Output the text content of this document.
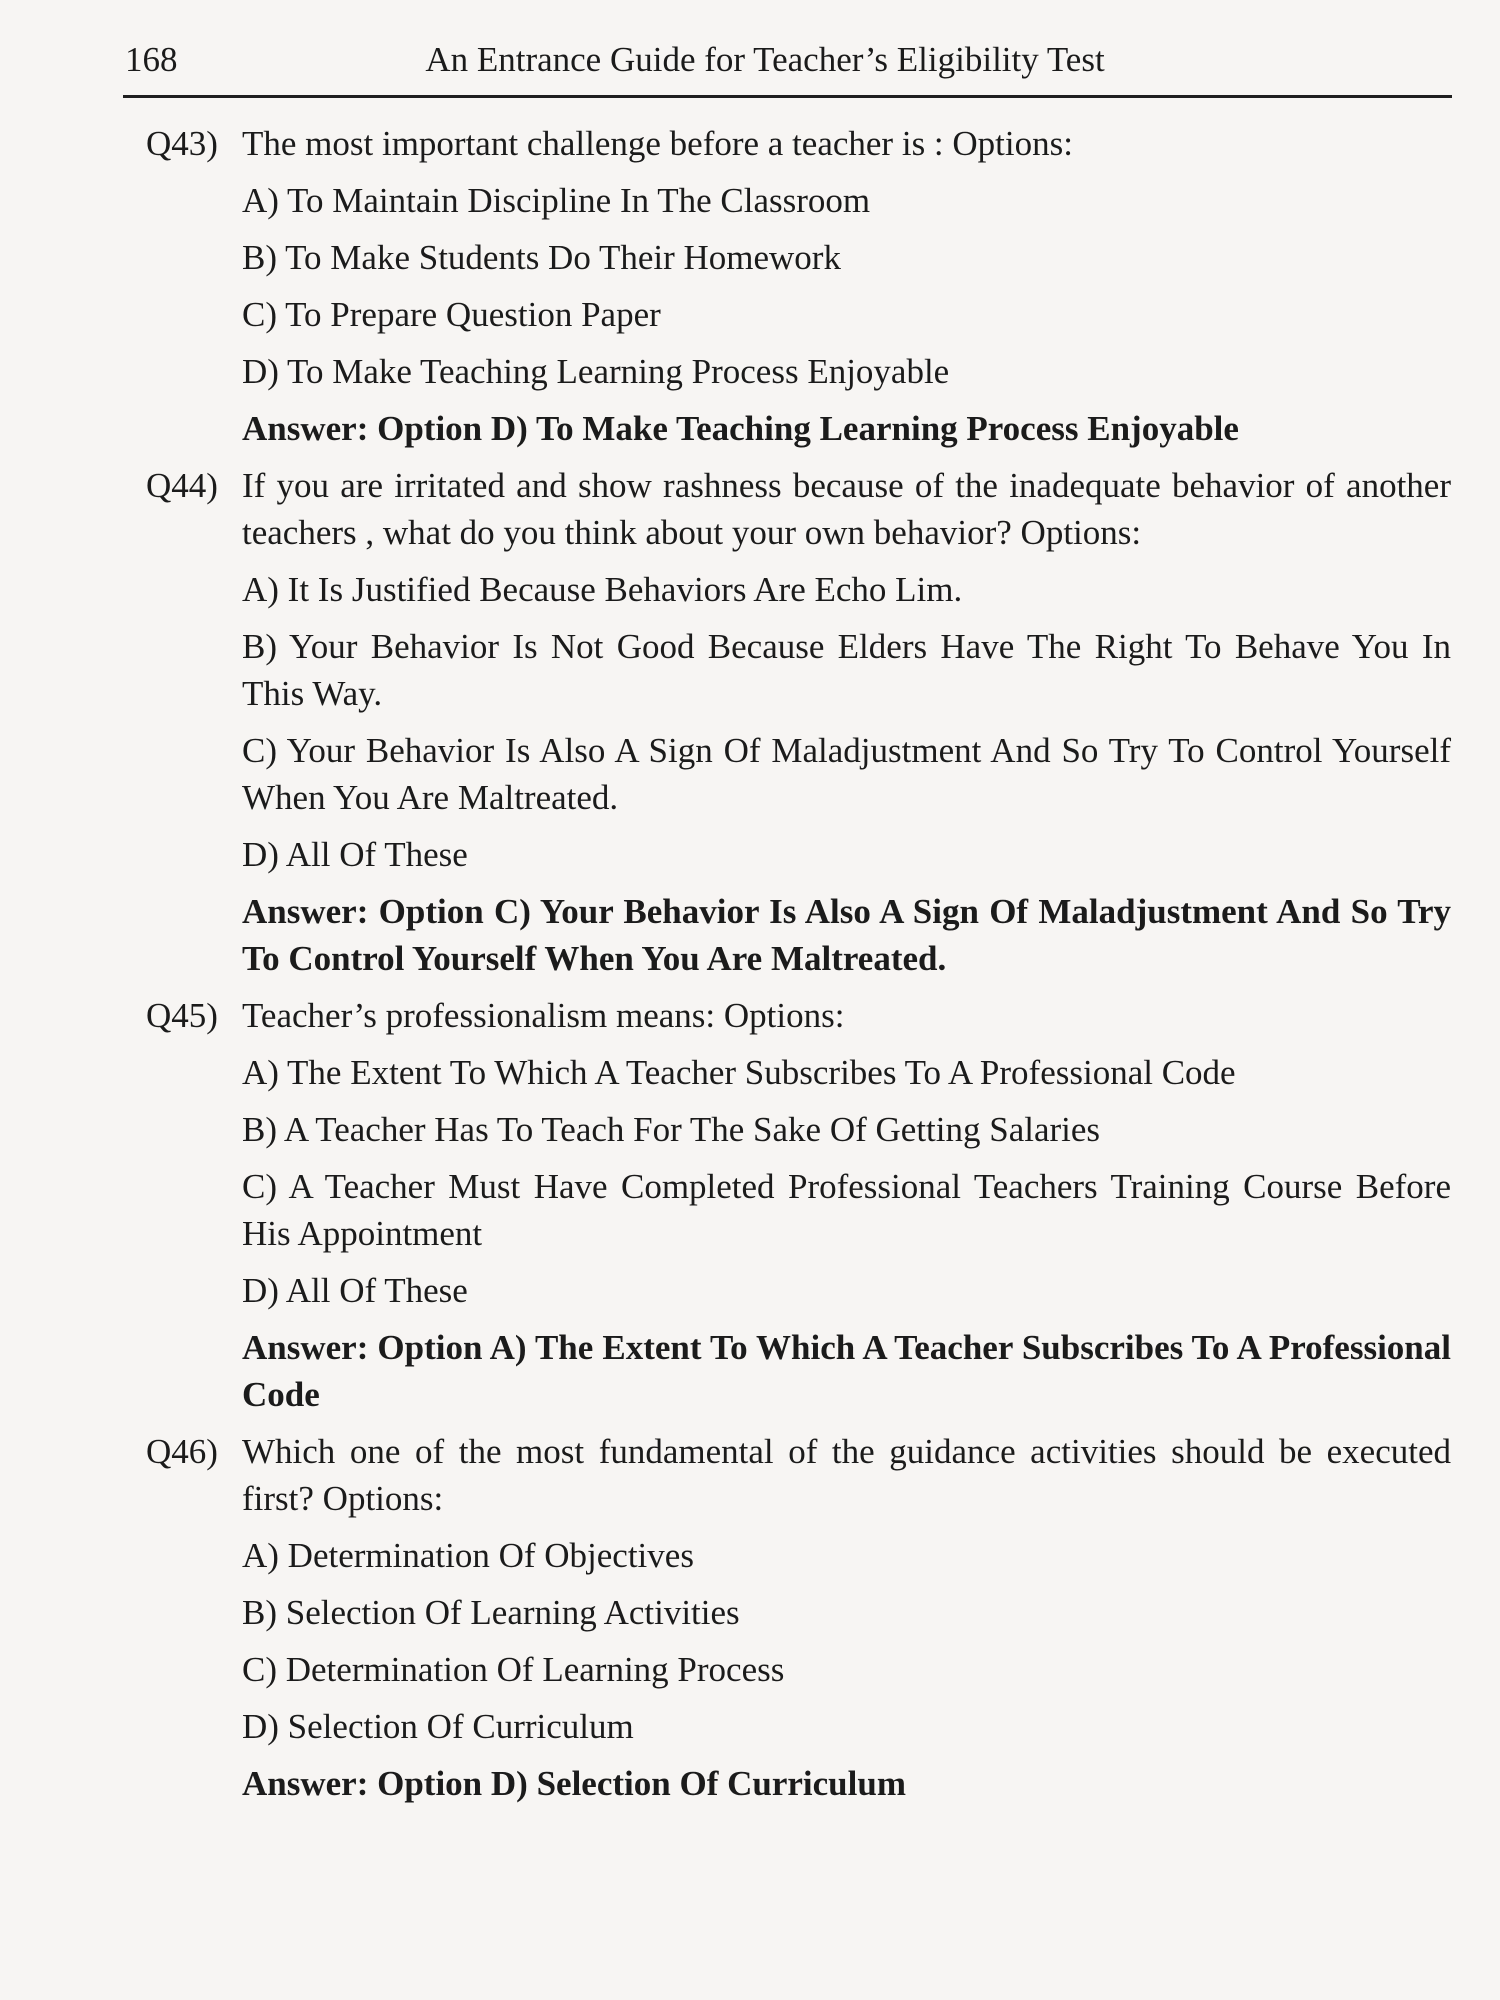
168	An Entrance Guide for Teacher’s Eligibility Test
Q43) The most important challenge before a teacher is : Options:
A) To Maintain Discipline In The Classroom
B) To Make Students Do Their Homework
C) To Prepare Question Paper
D) To Make Teaching Learning Process Enjoyable
Answer: Option D) To Make Teaching Learning Process Enjoyable
Q44) If you are irritated and show rashness because of the inadequate behavior of another teachers , what do you think about your own behavior? Options:
A) It Is Justified Because Behaviors Are Echo Lim.
B) Your Behavior Is Not Good Because Elders Have The Right To Behave You In This Way.
C) Your Behavior Is Also A Sign Of Maladjustment And So Try To Control Yourself When You Are Maltreated.
D) All Of These
Answer: Option C) Your Behavior Is Also A Sign Of Maladjustment And So Try To Control Yourself When You Are Maltreated.
Q45) Teacher’s professionalism means: Options:
A) The Extent To Which A Teacher Subscribes To A Professional Code
B) A Teacher Has To Teach For The Sake Of Getting Salaries
C) A Teacher Must Have Completed Professional Teachers Training Course Before His Appointment
D) All Of These
Answer: Option A) The Extent To Which A Teacher Subscribes To A Professional Code
Q46) Which one of the most fundamental of the guidance activities should be executed first? Options:
A) Determination Of Objectives
B) Selection Of Learning Activities
C) Determination Of Learning Process
D) Selection Of Curriculum
Answer: Option D) Selection Of Curriculum
